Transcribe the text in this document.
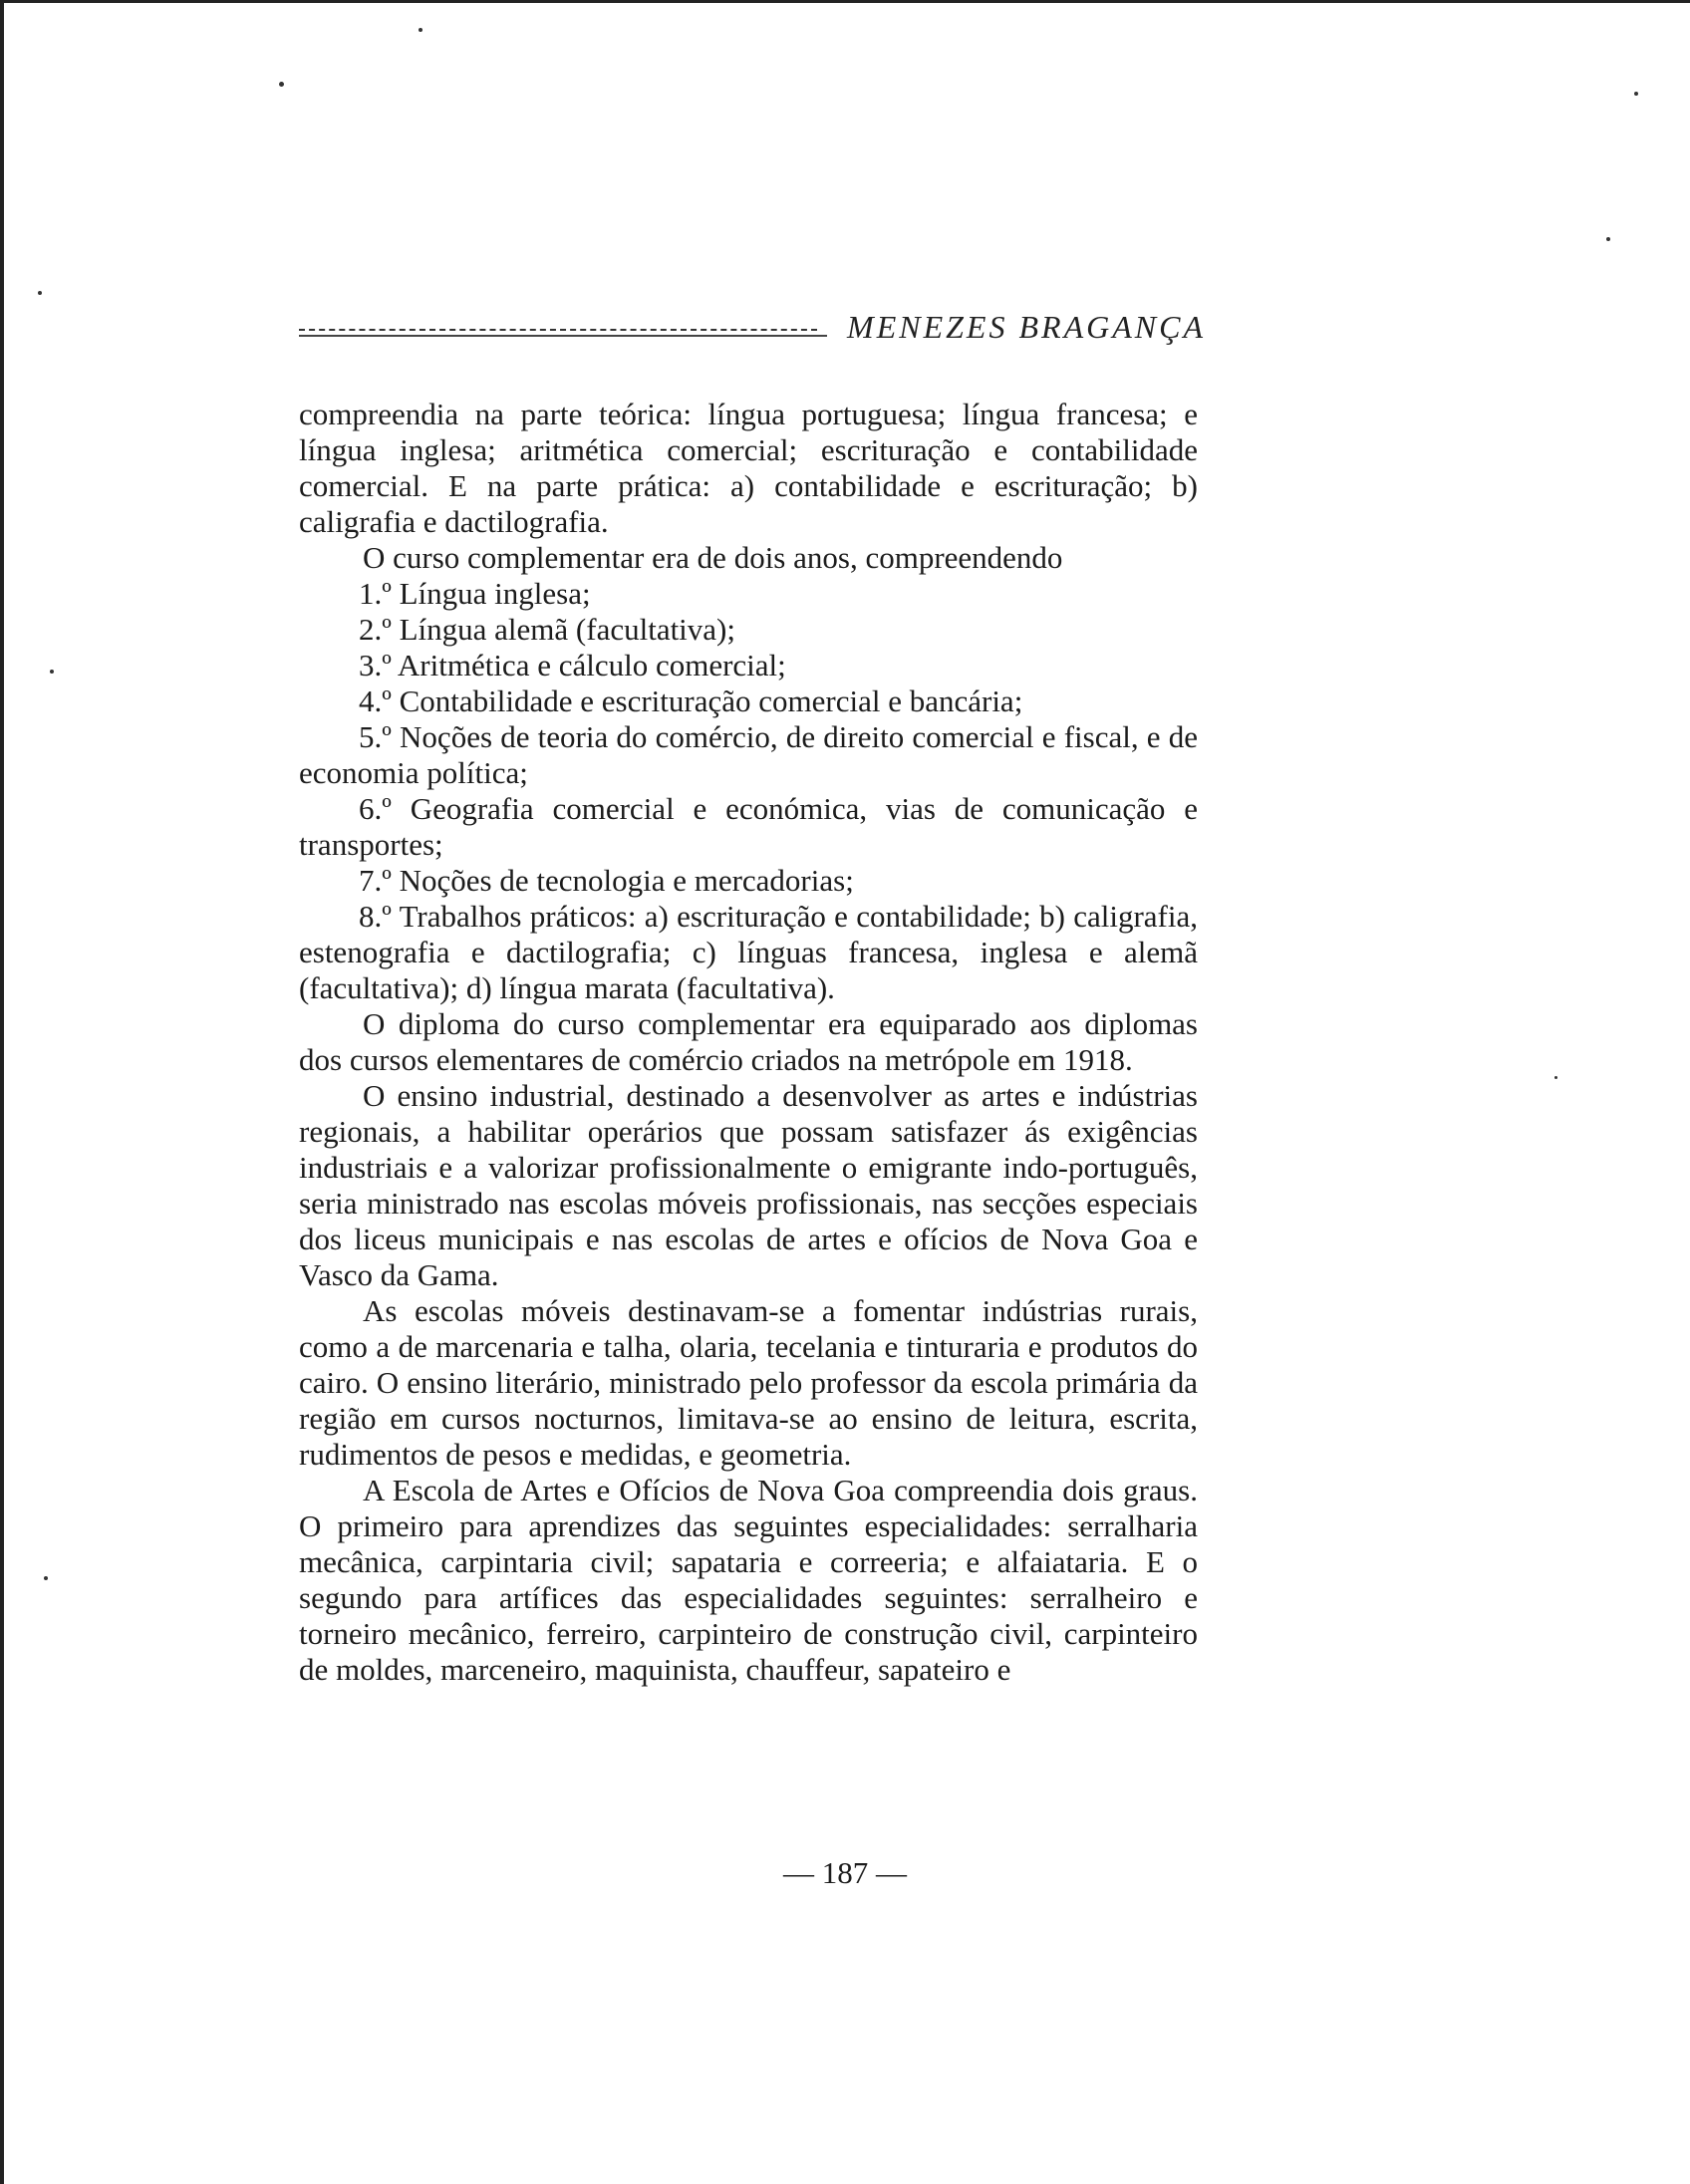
MENEZES BRAGANÇA

compreendia na parte teórica: língua portuguesa; língua francesa; e língua inglesa; aritmética comercial; escrituração e contabilidade comercial. E na parte prática: a) contabilidade e escrituração; b) caligrafia e dactilografia.

O curso complementar era de dois anos, compreendendo

1.º Língua inglesa;

2.º Língua alemã (facultativa);

3.º Aritmética e cálculo comercial;

4.º Contabilidade e escrituração comercial e bancária;

5.º Noções de teoria do comércio, de direito comercial e fiscal, e de economia política;

6.º Geografia comercial e económica, vias de comunicação e transportes;

7.º Noções de tecnologia e mercadorias;

8.º Trabalhos práticos: a) escrituração e contabilidade; b) caligrafia, estenografia e dactilografia; c) línguas francesa, inglesa e alemã (facultativa); d) língua marata (facultativa).

O diploma do curso complementar era equiparado aos diplomas dos cursos elementares de comércio criados na metrópole em 1918.

O ensino industrial, destinado a desenvolver as artes e indústrias regionais, a habilitar operários que possam satisfazer ás exigências industriais e a valorizar profissionalmente o emigrante indo-português, seria ministrado nas escolas móveis profissionais, nas secções especiais dos liceus municipais e nas escolas de artes e ofícios de Nova Goa e Vasco da Gama.

As escolas móveis destinavam-se a fomentar indústrias rurais, como a de marcenaria e talha, olaria, tecelania e tinturaria e produtos do cairo. O ensino literário, ministrado pelo professor da escola primária da região em cursos nocturnos, limitava-se ao ensino de leitura, escrita, rudimentos de pesos e medidas, e geometria.

A Escola de Artes e Ofícios de Nova Goa compreendia dois graus. O primeiro para aprendizes das seguintes especialidades: serralharia mecânica, carpintaria civil; sapataria e correeria; e alfaiataria. E o segundo para artífices das especialidades seguintes: serralheiro e torneiro mecânico, ferreiro, carpinteiro de construção civil, carpinteiro de moldes, marceneiro, maquinista, chauffeur, sapateiro e

— 187 —
